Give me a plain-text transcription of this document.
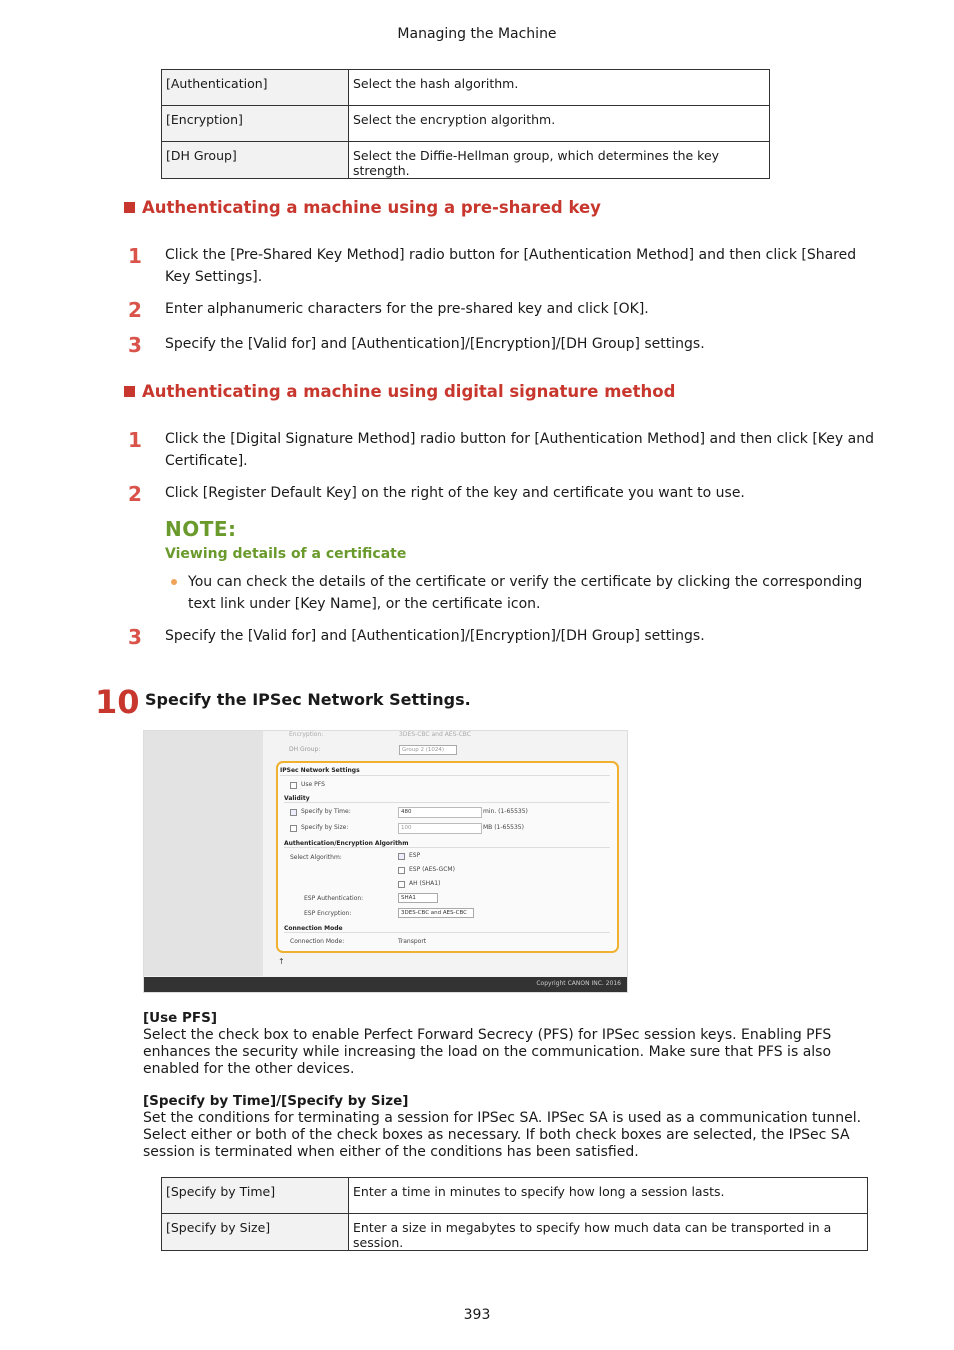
Managing the Machine
[Authentication]	Select the hash algorithm.
[Encryption]	Select the encryption algorithm.
[DH Group]	Select the Diffie-Hellman group, which determines the key strength.
Authenticating a machine using a pre-shared key
1	Click the [Pre-Shared Key Method] radio button for [Authentication Method] and then click [Shared Key Settings].
2	Enter alphanumeric characters for the pre-shared key and click [OK].
3	Specify the [Valid for] and [Authentication]/[Encryption]/[DH Group] settings.
Authenticating a machine using digital signature method
1	Click the [Digital Signature Method] radio button for [Authentication Method] and then click [Key and Certificate].
2	Click [Register Default Key] on the right of the key and certificate you want to use.
NOTE:
Viewing details of a certificate
You can check the details of the certificate or verify the certificate by clicking the corresponding text link under [Key Name], or the certificate icon.
3	Specify the [Valid for] and [Authentication]/[Encryption]/[DH Group] settings.
10 Specify the IPSec Network Settings.
Encryption:	3DES-CBC and AES-CBC
DH Group:	Group 2 (1024)
IPSec Network Settings
Use PFS
Validity
Specify by Time:	480	min. (1-65535)
Specify by Size:	100	MB (1-65535)
Authentication/Encryption Algorithm
Select Algorithm:	ESP
ESP (AES-GCM)
AH (SHA1)
ESP Authentication:	SHA1
ESP Encryption:	3DES-CBC and AES-CBC
Connection Mode
Connection Mode:	Transport
↑
Copyright CANON INC. 2016
[Use PFS]
Select the check box to enable Perfect Forward Secrecy (PFS) for IPSec session keys. Enabling PFS enhances the security while increasing the load on the communication. Make sure that PFS is also enabled for the other devices.
[Specify by Time]/[Specify by Size]
Set the conditions for terminating a session for IPSec SA. IPSec SA is used as a communication tunnel. Select either or both of the check boxes as necessary. If both check boxes are selected, the IPSec SA session is terminated when either of the conditions has been satisfied.
[Specify by Time]	Enter a time in minutes to specify how long a session lasts.
[Specify by Size]	Enter a size in megabytes to specify how much data can be transported in a session.
393
